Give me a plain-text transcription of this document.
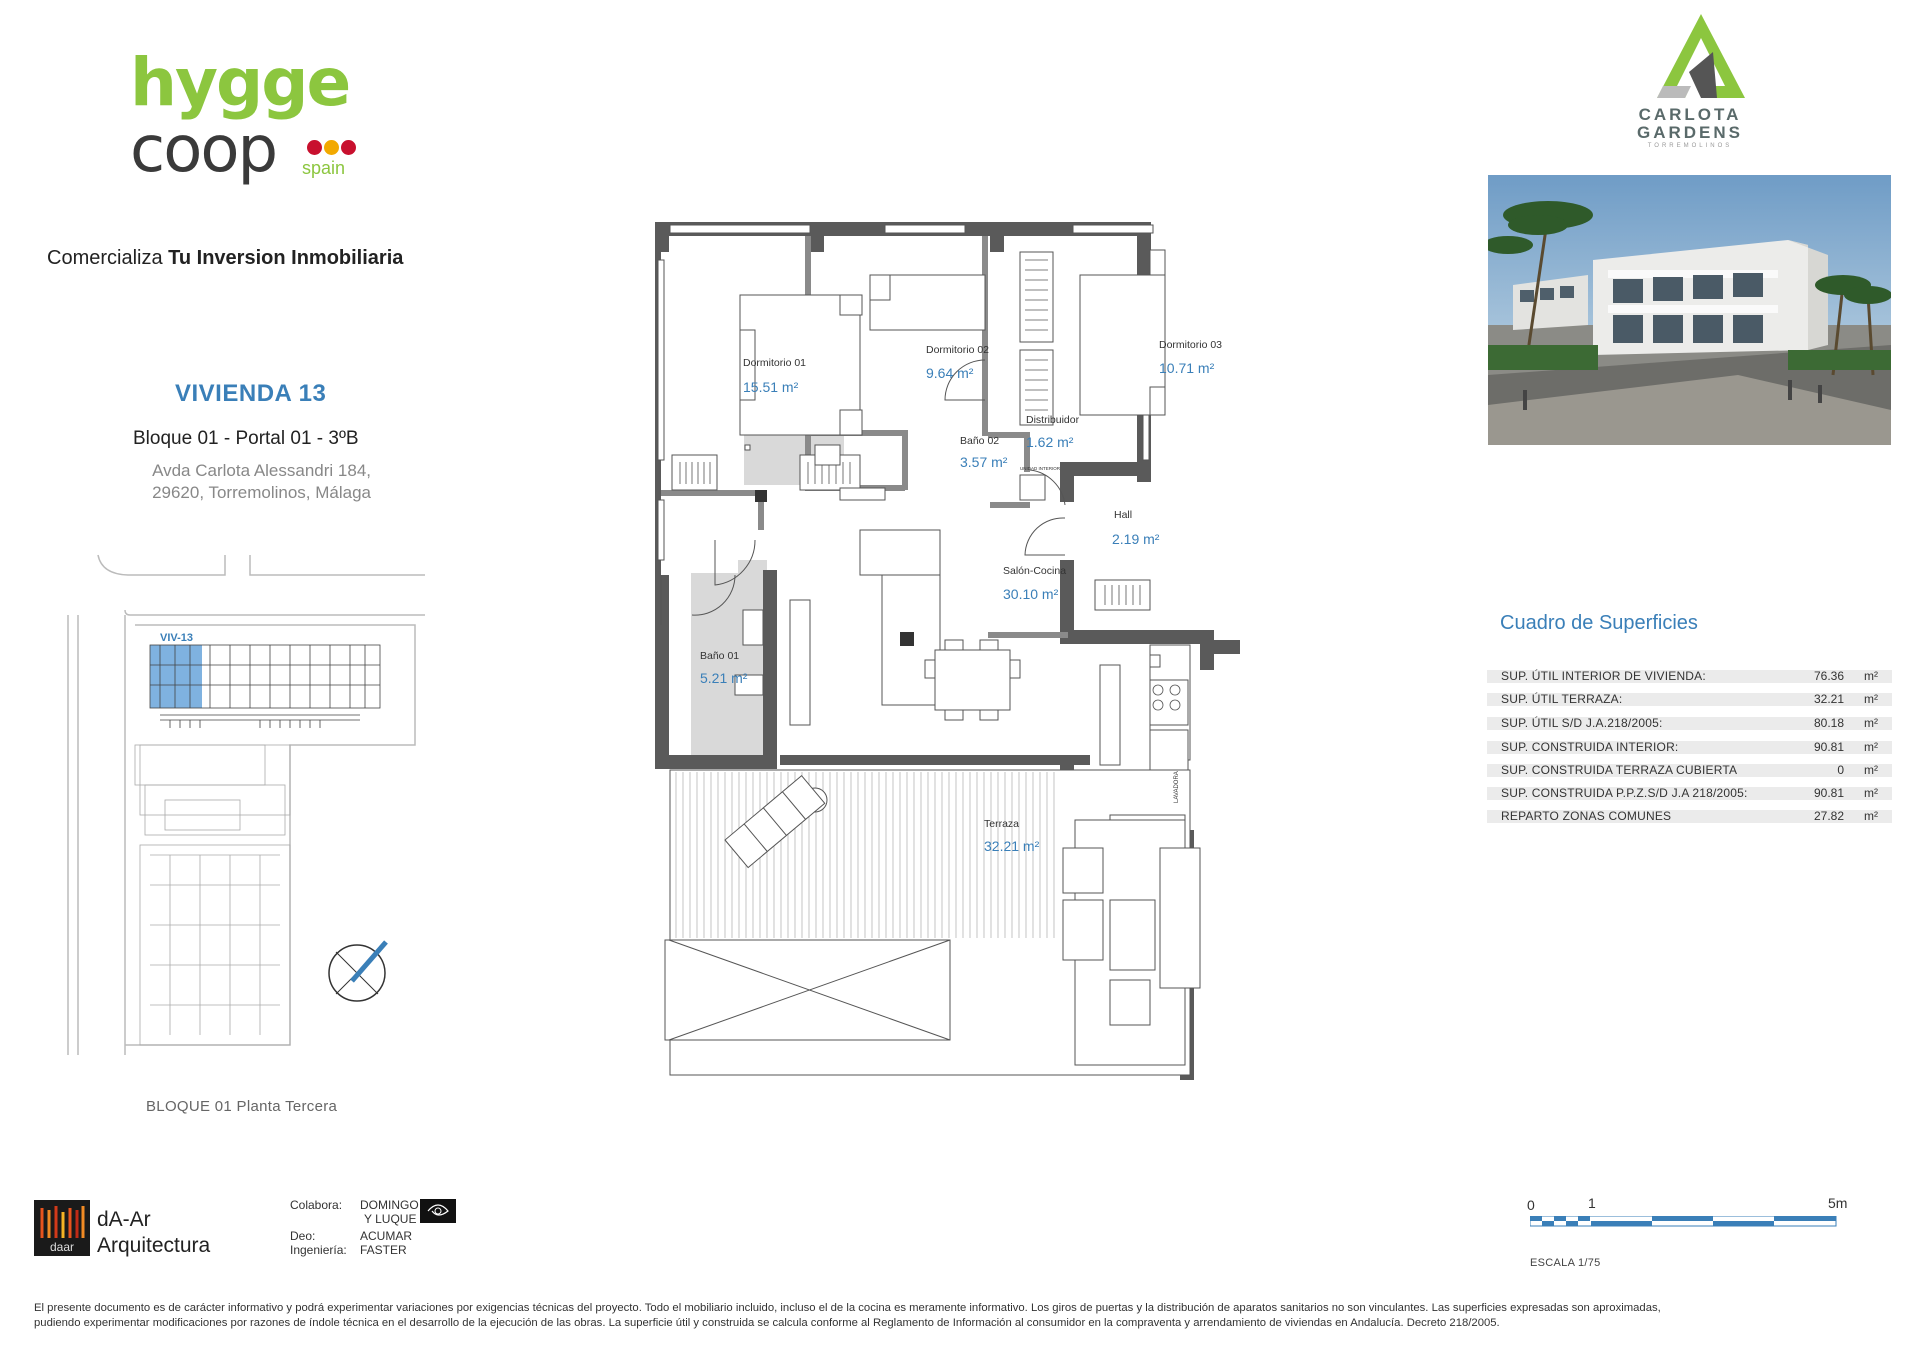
hygge
coop spain
Comercializa Tu Inversion Inmobiliaria
VIVIENDA 13
Bloque 01 - Portal 01 - 3ºB
Avda Carlota Alessandri 184,
29620, Torremolinos, Málaga
VIV-13
BLOQUE 01 Planta Tercera
CARLOTA
GARDENS
TORREMOLINOS
LAVADORA
UNIDAD INTERIOR
Dormitorio 01
15.51 m²
Dormitorio 02
9.64 m²
Dormitorio 03
10.71 m²
Distribuidor
1.62 m²
Baño 02
3.57 m²
Hall
2.19 m²
Salón-Cocina
30.10 m²
Baño 01
5.21 m²
Terraza
32.21 m²
Cuadro de Superficies
SUP. ÚTIL INTERIOR DE VIVIENDA:	76.36 m²
SUP. ÚTIL TERRAZA:	32.21 m²
SUP. ÚTIL S/D J.A.218/2005:	80.18 m²
SUP. CONSTRUIDA INTERIOR:	90.81 m²
SUP. CONSTRUIDA TERRAZA CUBIERTA	0 m²
SUP. CONSTRUIDA P.P.Z.S/D J.A 218/2005:	90.81 m²
REPARTO ZONAS COMUNES	27.82 m²
daar
dA-Ar
Arquitectura
Colabora: DOMINGO
Y LUQUE
Deo:	ACUMAR
Ingeniería: FASTER
0	1	5m
ESCALA 1/75
El presente documento es de carácter informativo y podrá experimentar variaciones por exigencias técnicas del proyecto. Todo el mobiliario incluido, incluso el de la cocina es meramente informativo. Los giros de puertas y la distribución de aparatos sanitarios no son vinculantes. Las superficies expresadas son aproximadas,
pudiendo experimentar modificaciones por razones de índole técnica en el desarrollo de la ejecución de las obras. La superficie útil y construida se calcula conforme al Reglamento de Información al consumidor en la compraventa y arrendamiento de viviendas en Andalucía. Decreto 218/2005.
